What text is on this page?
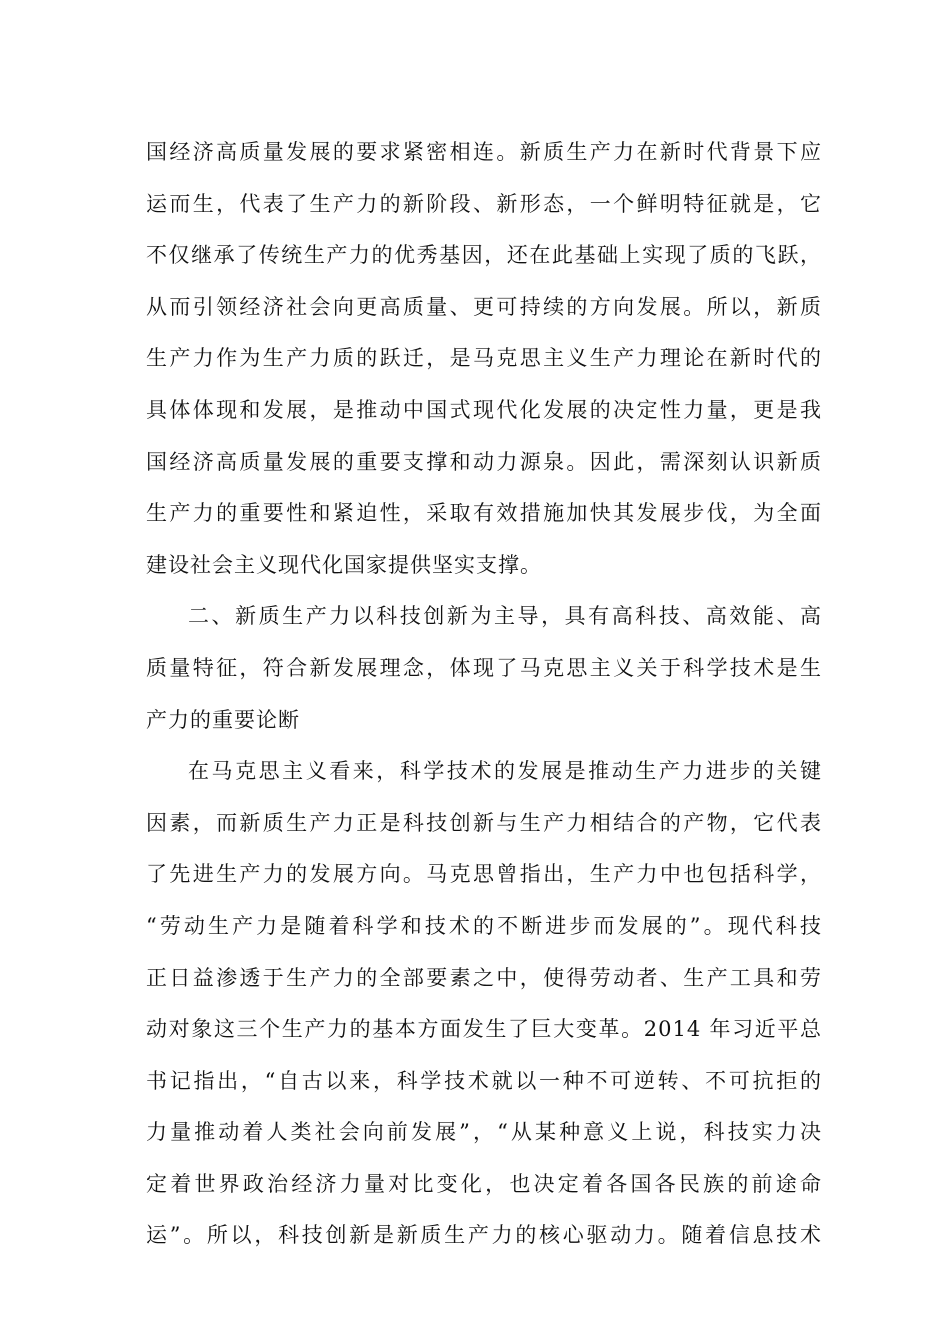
国经济高质量发展的要求紧密相连。新质生产力在新时代背景下应
运而生，代表了生产力的新阶段、新形态，一个鲜明特征就是，它
不仅继承了传统生产力的优秀基因，还在此基础上实现了质的飞跃，
从而引领经济社会向更高质量、更可持续的方向发展。所以，新质
生产力作为生产力质的跃迁，是马克思主义生产力理论在新时代的
具体体现和发展，是推动中国式现代化发展的决定性力量，更是我
国经济高质量发展的重要支撑和动力源泉。因此，需深刻认识新质
生产力的重要性和紧迫性，采取有效措施加快其发展步伐，为全面
建设社会主义现代化国家提供坚实支撑。
二、新质生产力以科技创新为主导，具有高科技、高效能、高
质量特征，符合新发展理念，体现了马克思主义关于科学技术是生
产力的重要论断
在马克思主义看来，科学技术的发展是推动生产力进步的关键
因素，而新质生产力正是科技创新与生产力相结合的产物，它代表
了先进生产力的发展方向。马克思曾指出，生产力中也包括科学，
“劳动生产力是随着科学和技术的不断进步而发展的”。现代科技
正日益渗透于生产力的全部要素之中，使得劳动者、生产工具和劳
动对象这三个生产力的基本方面发生了巨大变革。2014 年习近平总
书记指出，“自古以来，科学技术就以一种不可逆转、不可抗拒的
力量推动着人类社会向前发展”，“从某种意义上说，科技实力决
定着世界政治经济力量对比变化，也决定着各国各民族的前途命
运”。所以，科技创新是新质生产力的核心驱动力。随着信息技术
